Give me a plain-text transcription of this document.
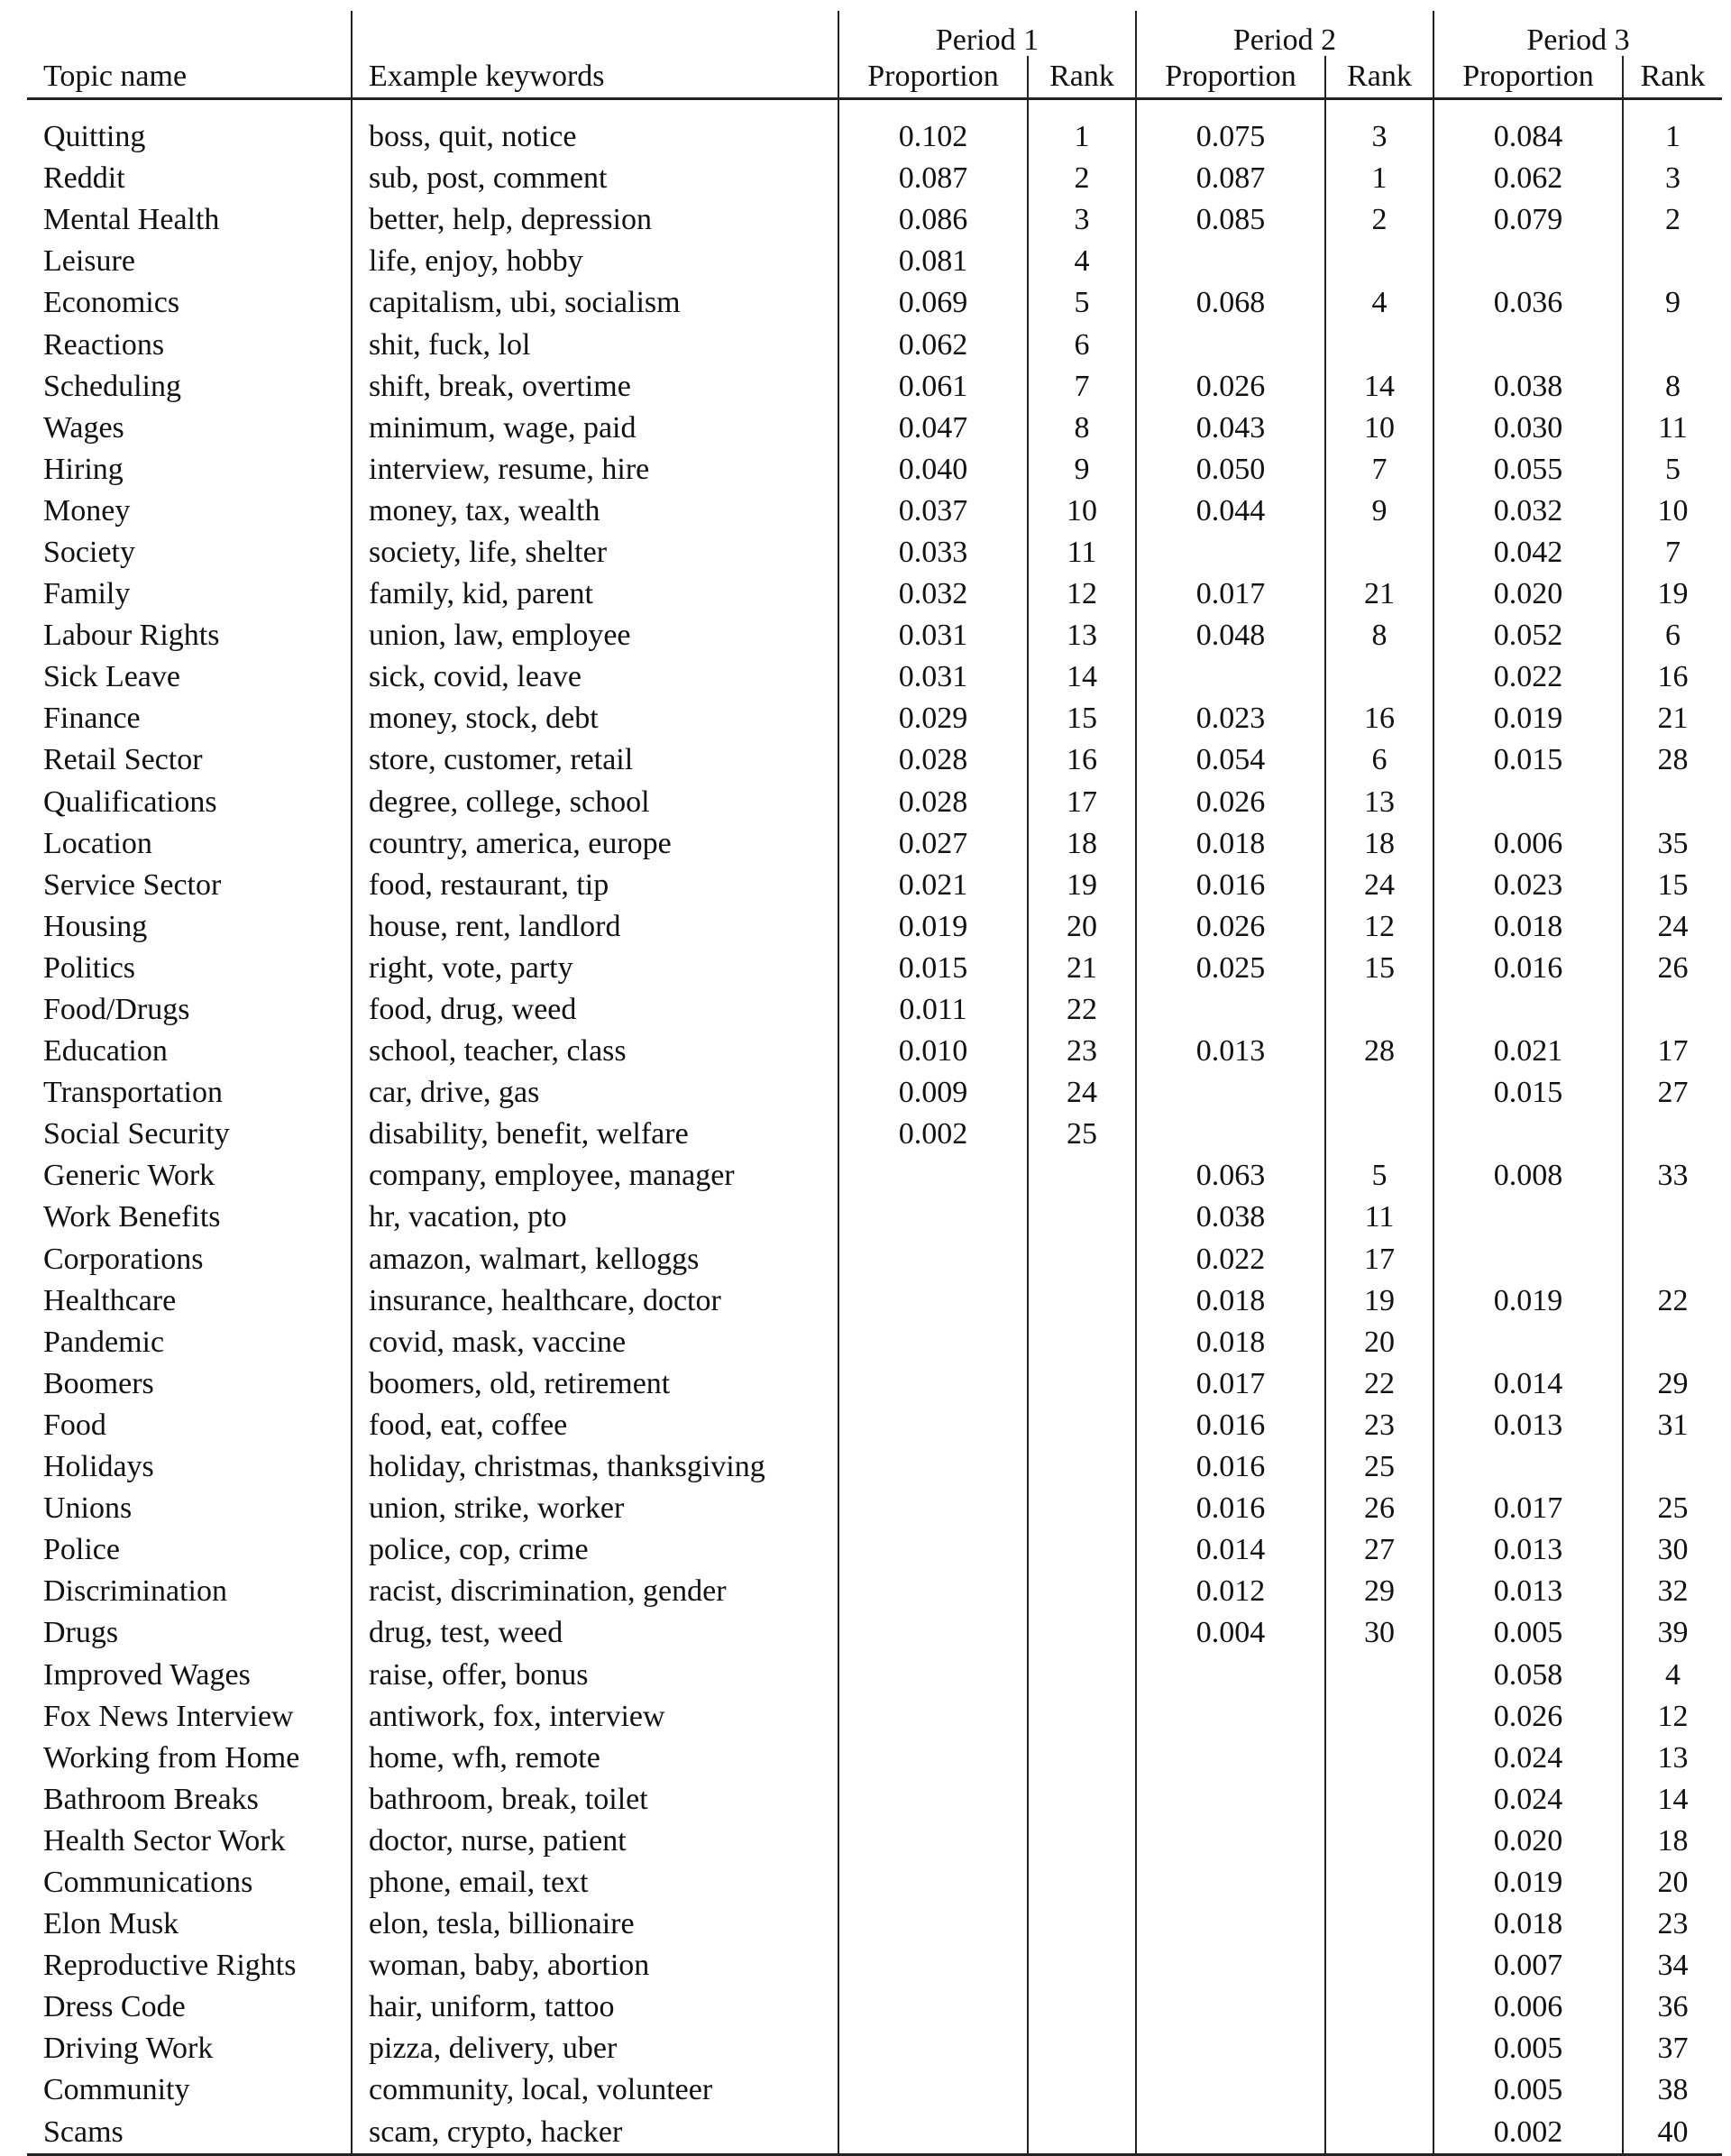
		Period 1		Period 2		Period 3	
Topic name	Example keywords	Proportion	Rank	Proportion	Rank	Proportion	Rank

Quitting	boss, quit, notice	0.102	1	0.075	3	0.084	1
Reddit	sub, post, comment	0.087	2	0.087	1	0.062	3
Mental Health	better, help, depression	0.086	3	0.085	2	0.079	2
Leisure	life, enjoy, hobby	0.081	4				
Economics	capitalism, ubi, socialism	0.069	5	0.068	4	0.036	9
Reactions	shit, fuck, lol	0.062	6				
Scheduling	shift, break, overtime	0.061	7	0.026	14	0.038	8
Wages	minimum, wage, paid	0.047	8	0.043	10	0.030	11
Hiring	interview, resume, hire	0.040	9	0.050	7	0.055	5
Money	money, tax, wealth	0.037	10	0.044	9	0.032	10
Society	society, life, shelter	0.033	11			0.042	7
Family	family, kid, parent	0.032	12	0.017	21	0.020	19
Labour Rights	union, law, employee	0.031	13	0.048	8	0.052	6
Sick Leave	sick, covid, leave	0.031	14			0.022	16
Finance	money, stock, debt	0.029	15	0.023	16	0.019	21
Retail Sector	store, customer, retail	0.028	16	0.054	6	0.015	28
Qualifications	degree, college, school	0.028	17	0.026	13		
Location	country, america, europe	0.027	18	0.018	18	0.006	35
Service Sector	food, restaurant, tip	0.021	19	0.016	24	0.023	15
Housing	house, rent, landlord	0.019	20	0.026	12	0.018	24
Politics	right, vote, party	0.015	21	0.025	15	0.016	26
Food/Drugs	food, drug, weed	0.011	22				
Education	school, teacher, class	0.010	23	0.013	28	0.021	17
Transportation	car, drive, gas	0.009	24			0.015	27
Social Security	disability, benefit, welfare	0.002	25				
Generic Work	company, employee, manager			0.063	5	0.008	33
Work Benefits	hr, vacation, pto			0.038	11		
Corporations	amazon, walmart, kelloggs			0.022	17		
Healthcare	insurance, healthcare, doctor			0.018	19	0.019	22
Pandemic	covid, mask, vaccine			0.018	20		
Boomers	boomers, old, retirement			0.017	22	0.014	29
Food	food, eat, coffee			0.016	23	0.013	31
Holidays	holiday, christmas, thanksgiving			0.016	25		
Unions	union, strike, worker			0.016	26	0.017	25
Police	police, cop, crime			0.014	27	0.013	30
Discrimination	racist, discrimination, gender			0.012	29	0.013	32
Drugs	drug, test, weed			0.004	30	0.005	39
Improved Wages	raise, offer, bonus					0.058	4
Fox News Interview	antiwork, fox, interview					0.026	12
Working from Home	home, wfh, remote					0.024	13
Bathroom Breaks	bathroom, break, toilet					0.024	14
Health Sector Work	doctor, nurse, patient					0.020	18
Communications	phone, email, text					0.019	20
Elon Musk	elon, tesla, billionaire					0.018	23
Reproductive Rights	woman, baby, abortion					0.007	34
Dress Code	hair, uniform, tattoo					0.006	36
Driving Work	pizza, delivery, uber					0.005	37
Community	community, local, volunteer					0.005	38
Scams	scam, crypto, hacker					0.002	40
